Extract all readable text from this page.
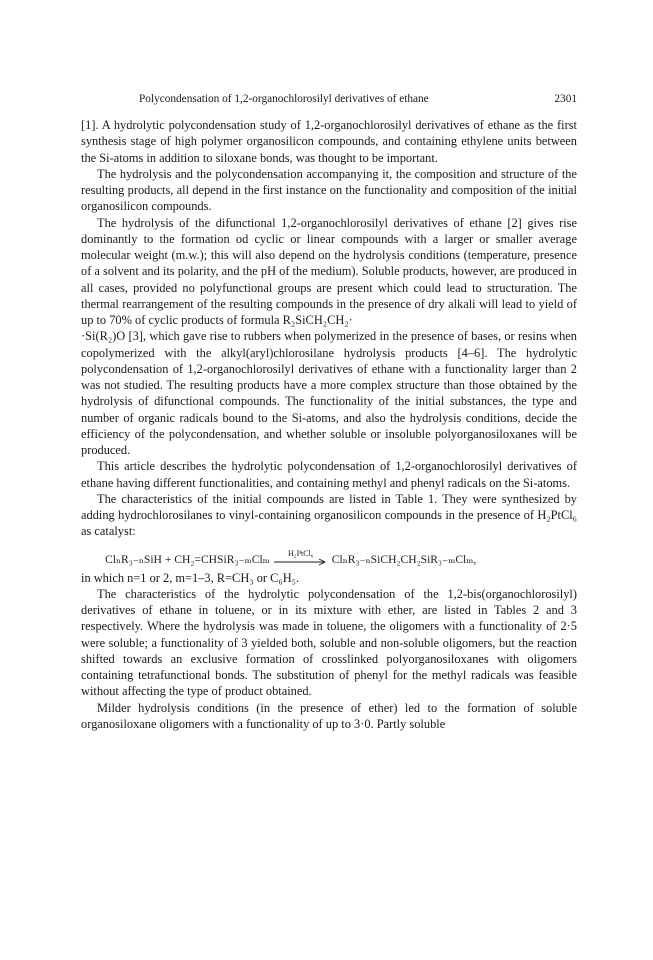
Polycondensation of 1,2-organochlorosilyl derivatives of ethane	2301

[1]. A hydrolytic polycondensation study of 1,2-organochlorosilyl derivatives of ethane as the first synthesis stage of high polymer organosilicon compounds, and containing ethylene units between the Si-atoms in addition to siloxane bonds, was thought to be important.

The hydrolysis and the polycondensation accompanying it, the composition and structure of the resulting products, all depend in the first instance on the functionality and composition of the initial organosilicon compounds.

The hydrolysis of the difunctional 1,2-organochlorosilyl derivatives of ethane [2] gives rise dominantly to the formation od cyclic or linear compounds with a larger or smaller average molecular weight (m.w.); this will also depend on the hydrolysis conditions (temperature, presence of a solvent and its polarity, and the pH of the medium). Soluble products, however, are produced in all cases, provided no polyfunctional groups are present which could lead to structuration. The thermal rearrangement of the resulting compounds in the presence of dry alkali will lead to yield of up to 70% of cyclic products of formula R₂SiCH₂CH₂·

·Si(R₂)O [3], which gave rise to rubbers when polymerized in the presence of bases, or resins when copolymerized with the alkyl(aryl)chlorosilane hydrolysis products [4–6]. The hydrolytic polycondensation of 1,2-organochlorosilyl derivatives of ethane with a functionality larger than 2 was not studied. The resulting products have a more complex structure than those obtained by the hydrolysis of difunctional compounds. The functionality of the initial substances, the type and number of organic radicals bound to the Si-atoms, and also the hydrolysis conditions, decide the efficiency of the polycondensation, and whether soluble or insoluble polyorganosiloxanes will be produced.

This article describes the hydrolytic polycondensation of 1,2-organochlorosilyl derivatives of ethane having different functionalities, and containing methyl and phenyl radicals on the Si-atoms.

The characteristics of the initial compounds are listed in Table 1. They were synthesized by adding hydrochlorosilanes to vinyl-containing organosilicon compounds in the presence of H₂PtCl₆ as catalyst:

ClₙR₃₋ₙSiH + CH₂=CHSiR₃₋ₘClₘ H₂PtCl₆ ClₙR₃₋ₙSiCH₂CH₂SiR₃₋ₘClₘ,

in which n=1 or 2, m=1–3, R=CH₃ or C₆H₅.

The characteristics of the hydrolytic polycondensation of the 1,2-bis(organochlorosilyl) derivatives of ethane in toluene, or in its mixture with ether, are listed in Tables 2 and 3 respectively. Where the hydrolysis was made in toluene, the oligomers with a functionality of 2·5 were soluble; a functionality of 3 yielded both, soluble and non-soluble oligomers, but the reaction shifted towards an exclusive formation of crosslinked polyorganosiloxanes with oligomers containing tetrafunctional bonds. The substitution of phenyl for the methyl radicals was feasible without affecting the type of product obtained.

Milder hydrolysis conditions (in the presence of ether) led to the formation of soluble organosiloxane oligomers with a functionality of up to 3·0. Partly soluble
